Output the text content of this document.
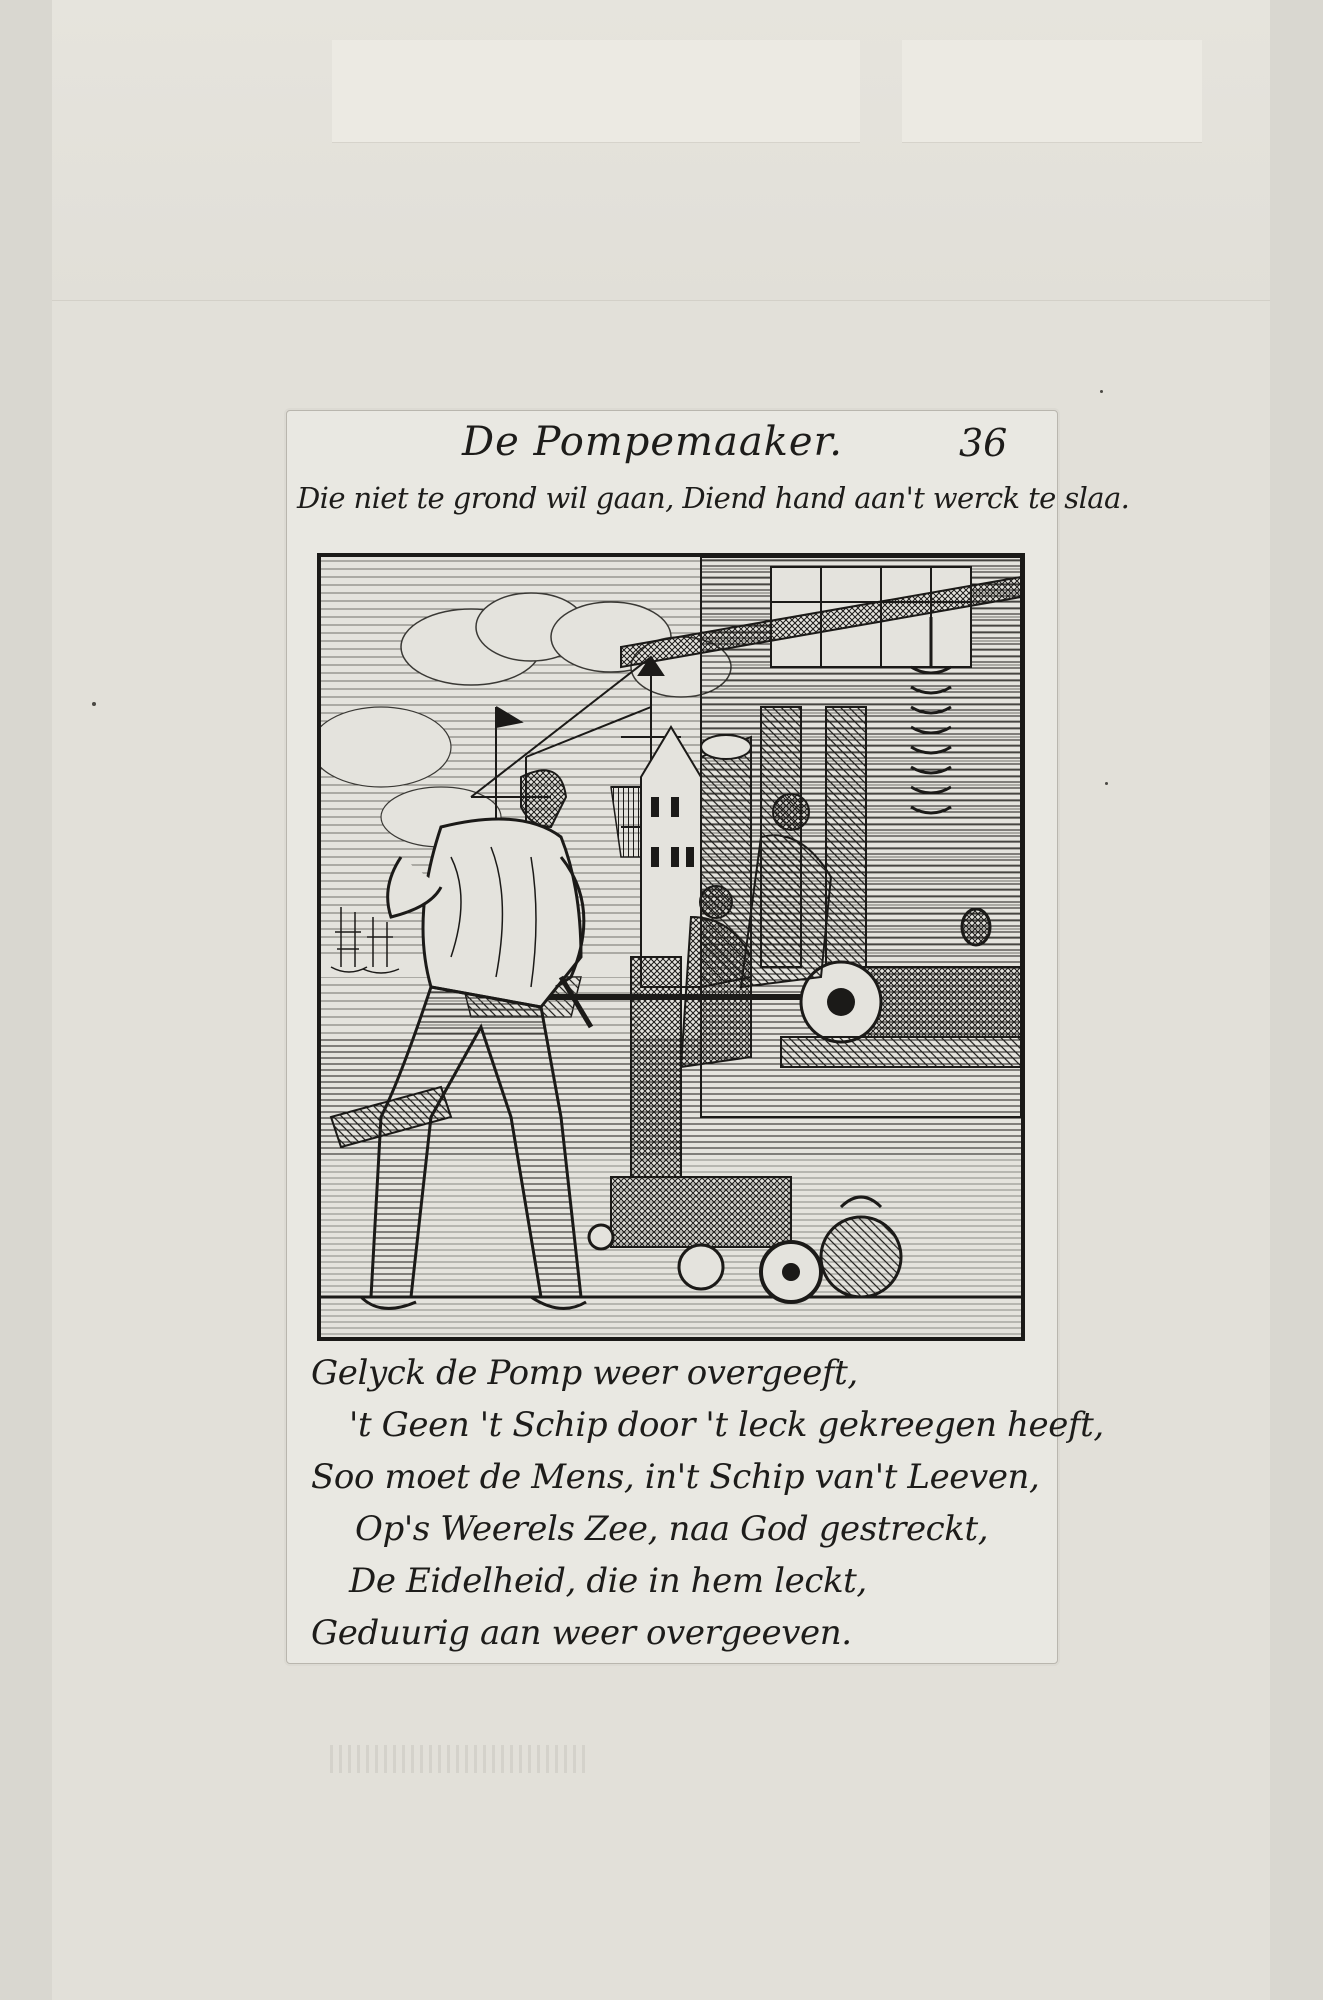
De Pompemaaker.	36
Die niet te grond wil gaan, Diend hand aan't werck te slaa.
Gelyck de Pomp weer overgeeft,
't Geen 't Schip door 't leck gekreegen heeft,
Soo moet de Mens, in't Schip van't Leeven,
Op's Weerels Zee, naa God gestreckt,
De Eidelheid, die in hem leckt,
Geduurig aan weer overgeeven.
